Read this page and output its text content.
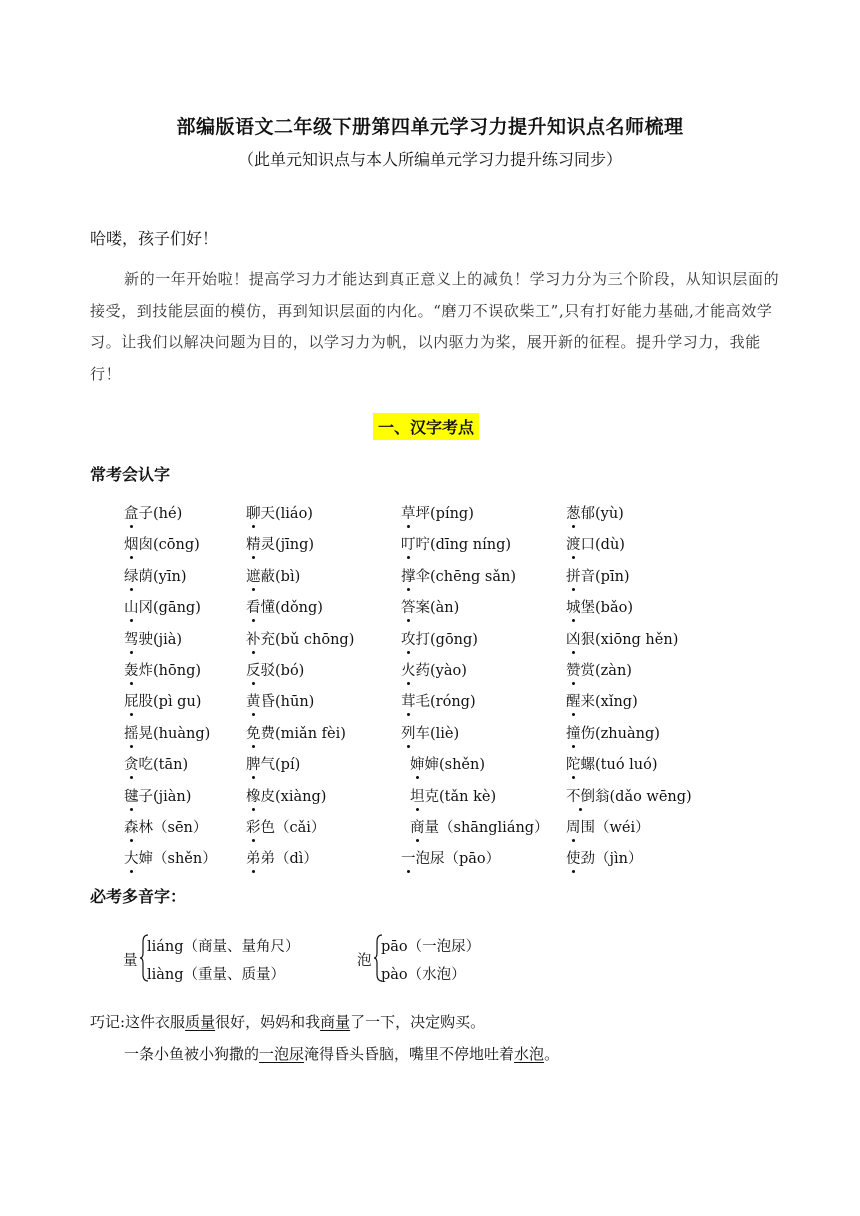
部编版语文二年级下册第四单元学习力提升知识点名师梳理
（此单元知识点与本人所编单元学习力提升练习同步）
哈喽，孩子们好！
新的一年开始啦！提高学习力才能达到真正意义上的减负！学习力分为三个阶段，从知识层面的接受，到技能层面的模仿，再到知识层面的内化。“磨刀不误砍柴工”,只有打好能力基础,才能高效学习。让我们以解决问题为目的，以学习力为帆，以内驱力为桨，展开新的征程。提升学习力，我能行！
一、汉字考点
常考会认字
盒子(hé)	聊天(liáo)	草坪(píng)	葱郁(yù)
烟囱(cōng)	精灵(jīng)	叮咛(dīng níng)	渡口(dù)
绿荫(yīn)	遮蔽(bì)	撑伞(chēng sǎn)	拼音(pīn)
山冈(gāng)	看懂(dǒng)	答案(àn)	城堡(bǎo)
驾驶(jià)	补充(bǔ chōng)	攻打(gōng)	凶狠(xiōng hěn)
轰炸(hōng)	反驳(bó)	火药(yào)	赞赏(zàn)
屁股(pì gu)	黄昏(hūn)	茸毛(róng)	醒来(xǐng)
摇晃(huàng) 免费(miǎn fèi)	列车(liè)	撞伤(zhuàng)
贪吃(tān)	脾气(pí)	婶婶(shěn)	陀螺(tuó luó)
毽子(jiàn)	橡皮(xiàng)	坦克(tǎn kè)	不倒翁(dǎo wēng)
森林（sēn）	彩色（cǎi）	商量（shāngliáng） 周围（wéi）
大婶（shěn） 弟弟（dì）	一泡尿（pāo）	使劲（jìn）
必考多音字：
量
liáng（商量、量角尺）
liàng（重量、质量）
泡
pāo（一泡尿）
pào（水泡）
巧记:这件衣服质量很好，妈妈和我商量了一下，决定购买。
一条小鱼被小狗撒的一泡尿淹得昏头昏脑，嘴里不停地吐着水泡。
